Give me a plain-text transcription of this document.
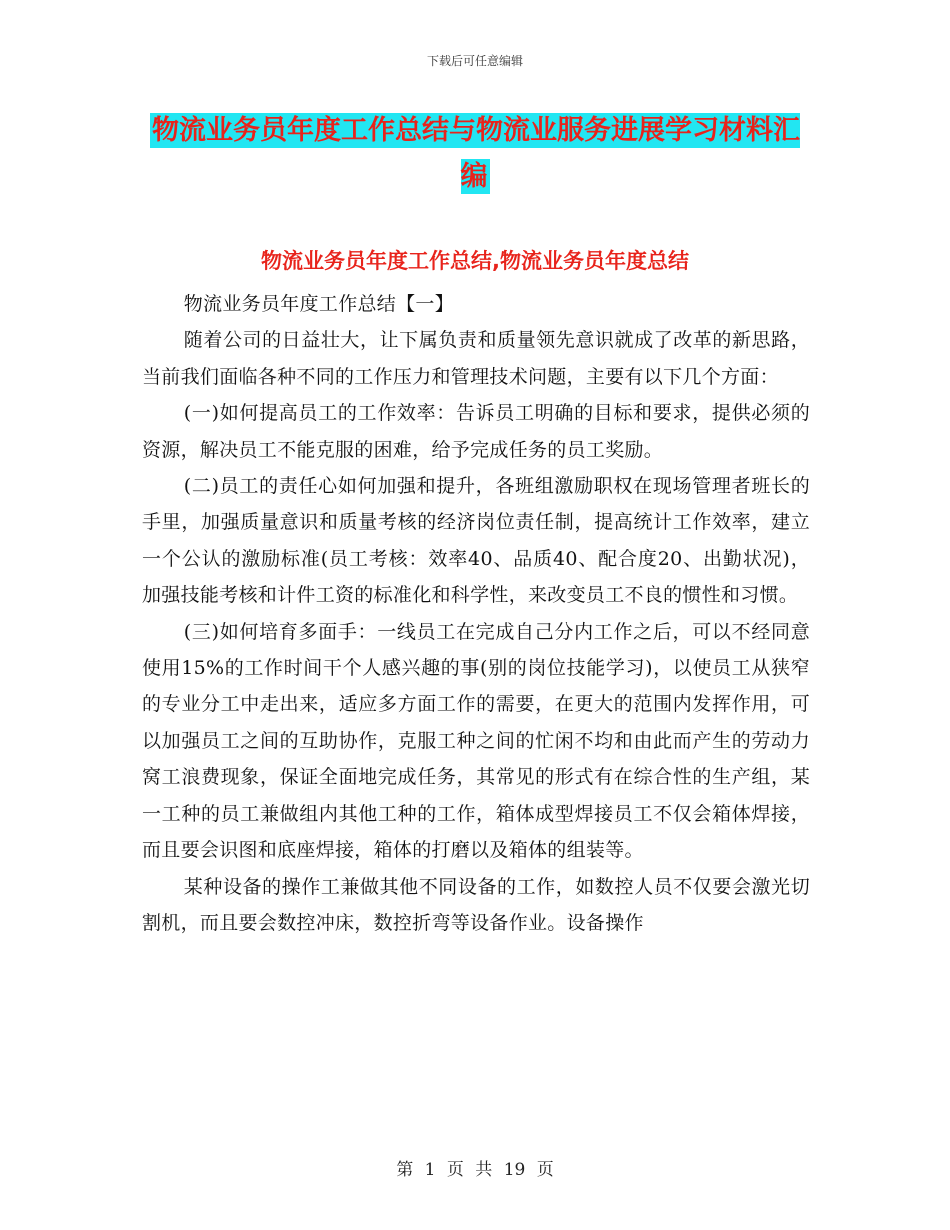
下载后可任意编辑
物流业务员年度工作总结与物流业服务进展学习材料汇编
物流业务员年度工作总结,物流业务员年度总结

物流业务员年度工作总结【一】

随着公司的日益壮大，让下属负责和质量领先意识就成了改革的新思路，当前我们面临各种不同的工作压力和管理技术问题，主要有以下几个方面：

(一)如何提高员工的工作效率：告诉员工明确的目标和要求，提供必须的资源，解决员工不能克服的困难，给予完成任务的员工奖励。

(二)员工的责任心如何加强和提升，各班组激励职权在现场管理者班长的手里，加强质量意识和质量考核的经济岗位责任制，提高统计工作效率，建立一个公认的激励标准(员工考核：效率40、品质40、配合度20、出勤状况)，加强技能考核和计件工资的标准化和科学性，来改变员工不良的惯性和习惯。

(三)如何培育多面手：一线员工在完成自己分内工作之后，可以不经同意使用15%的工作时间干个人感兴趣的事(别的岗位技能学习)，以使员工从狭窄的专业分工中走出来，适应多方面工作的需要，在更大的范围内发挥作用，可以加强员工之间的互助协作，克服工种之间的忙闲不均和由此而产生的劳动力窝工浪费现象，保证全面地完成任务，其常见的形式有在综合性的生产组，某一工种的员工兼做组内其他工种的工作，箱体成型焊接员工不仅会箱体焊接，而且要会识图和底座焊接，箱体的打磨以及箱体的组装等。

某种设备的操作工兼做其他不同设备的工作，如数控人员不仅要会激光切割机，而且要会数控冲床，数控折弯等设备作业。设备操作

第 1 页 共 19 页
